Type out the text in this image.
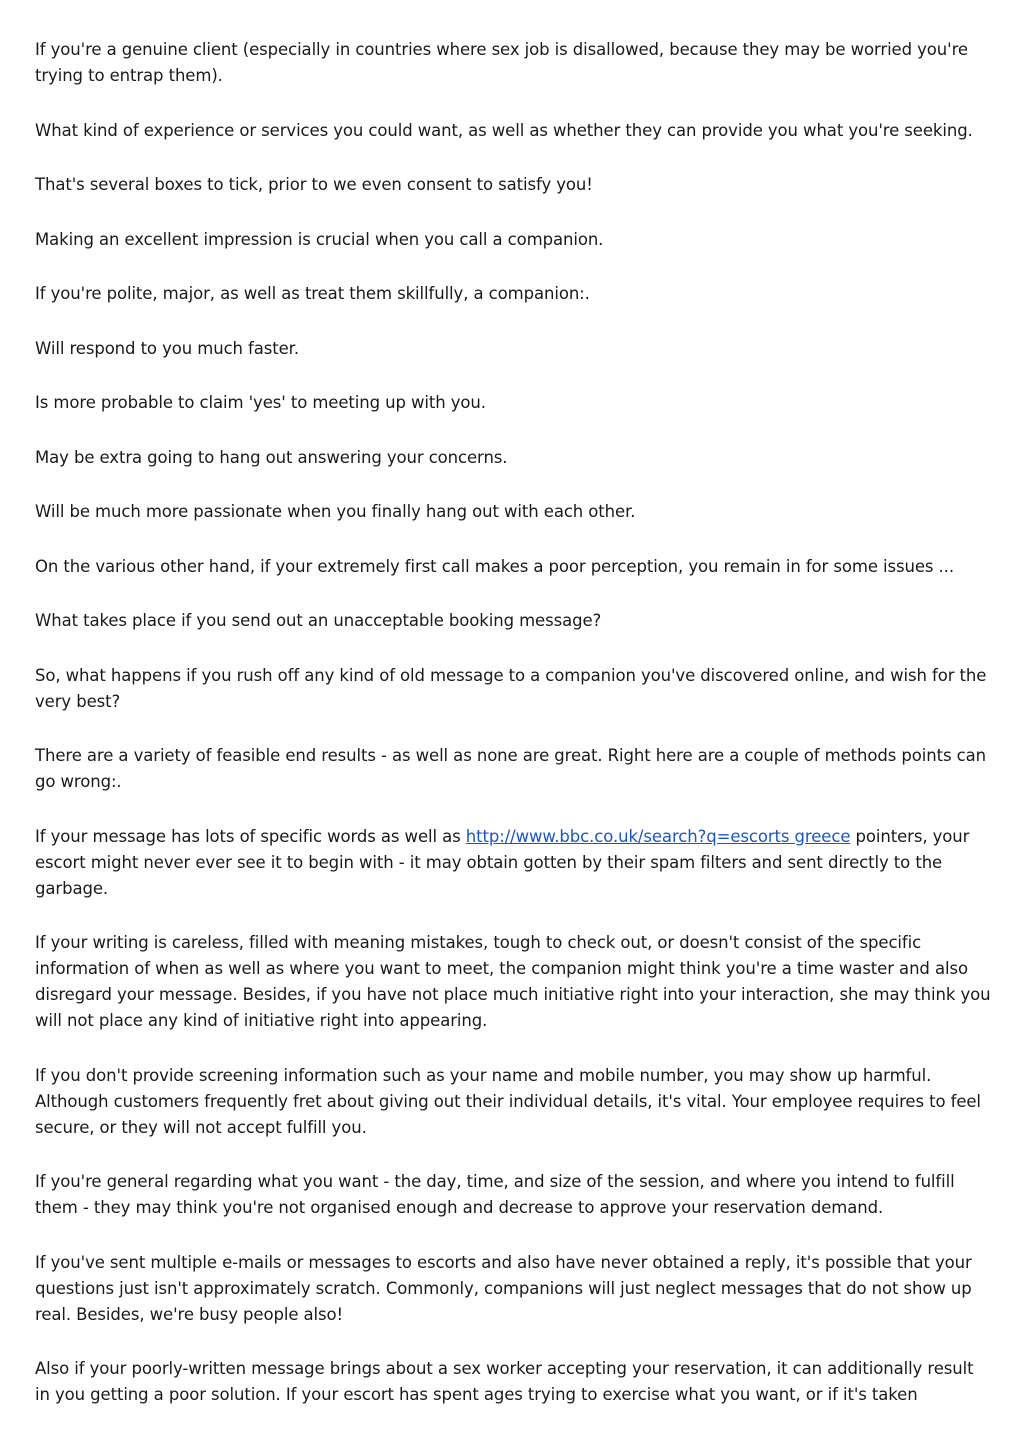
If you're a genuine client (especially in countries where sex job is disallowed, because they may be worried you're trying to entrap them).

What kind of experience or services you could want, as well as whether they can provide you what you're seeking.

That's several boxes to tick, prior to we even consent to satisfy you!

Making an excellent impression is crucial when you call a companion.

If you're polite, major, as well as treat them skillfully, a companion:.

Will respond to you much faster.

Is more probable to claim 'yes' to meeting up with you.

May be extra going to hang out answering your concerns.

Will be much more passionate when you finally hang out with each other.

On the various other hand, if your extremely first call makes a poor perception, you remain in for some issues ...

What takes place if you send out an unacceptable booking message?

So, what happens if you rush off any kind of old message to a companion you've discovered online, and wish for the very best?

There are a variety of feasible end results - as well as none are great. Right here are a couple of methods points can go wrong:.

If your message has lots of specific words as well as http://www.bbc.co.uk/search?q=escorts greece pointers, your escort might never ever see it to begin with - it may obtain gotten by their spam filters and sent directly to the garbage.

If your writing is careless, filled with meaning mistakes, tough to check out, or doesn't consist of the specific information of when as well as where you want to meet, the companion might think you're a time waster and also disregard your message. Besides, if you have not place much initiative right into your interaction, she may think you will not place any kind of initiative right into appearing.

If you don't provide screening information such as your name and mobile number, you may show up harmful. Although customers frequently fret about giving out their individual details, it's vital. Your employee requires to feel secure, or they will not accept fulfill you.

If you're general regarding what you want - the day, time, and size of the session, and where you intend to fulfill them - they may think you're not organised enough and decrease to approve your reservation demand.

If you've sent multiple e-mails or messages to escorts and also have never obtained a reply, it's possible that your questions just isn't approximately scratch. Commonly, companions will just neglect messages that do not show up real. Besides, we're busy people also!

Also if your poorly-written message brings about a sex worker accepting your reservation, it can additionally result in you getting a poor solution. If your escort has spent ages trying to exercise what you want, or if it's taken
